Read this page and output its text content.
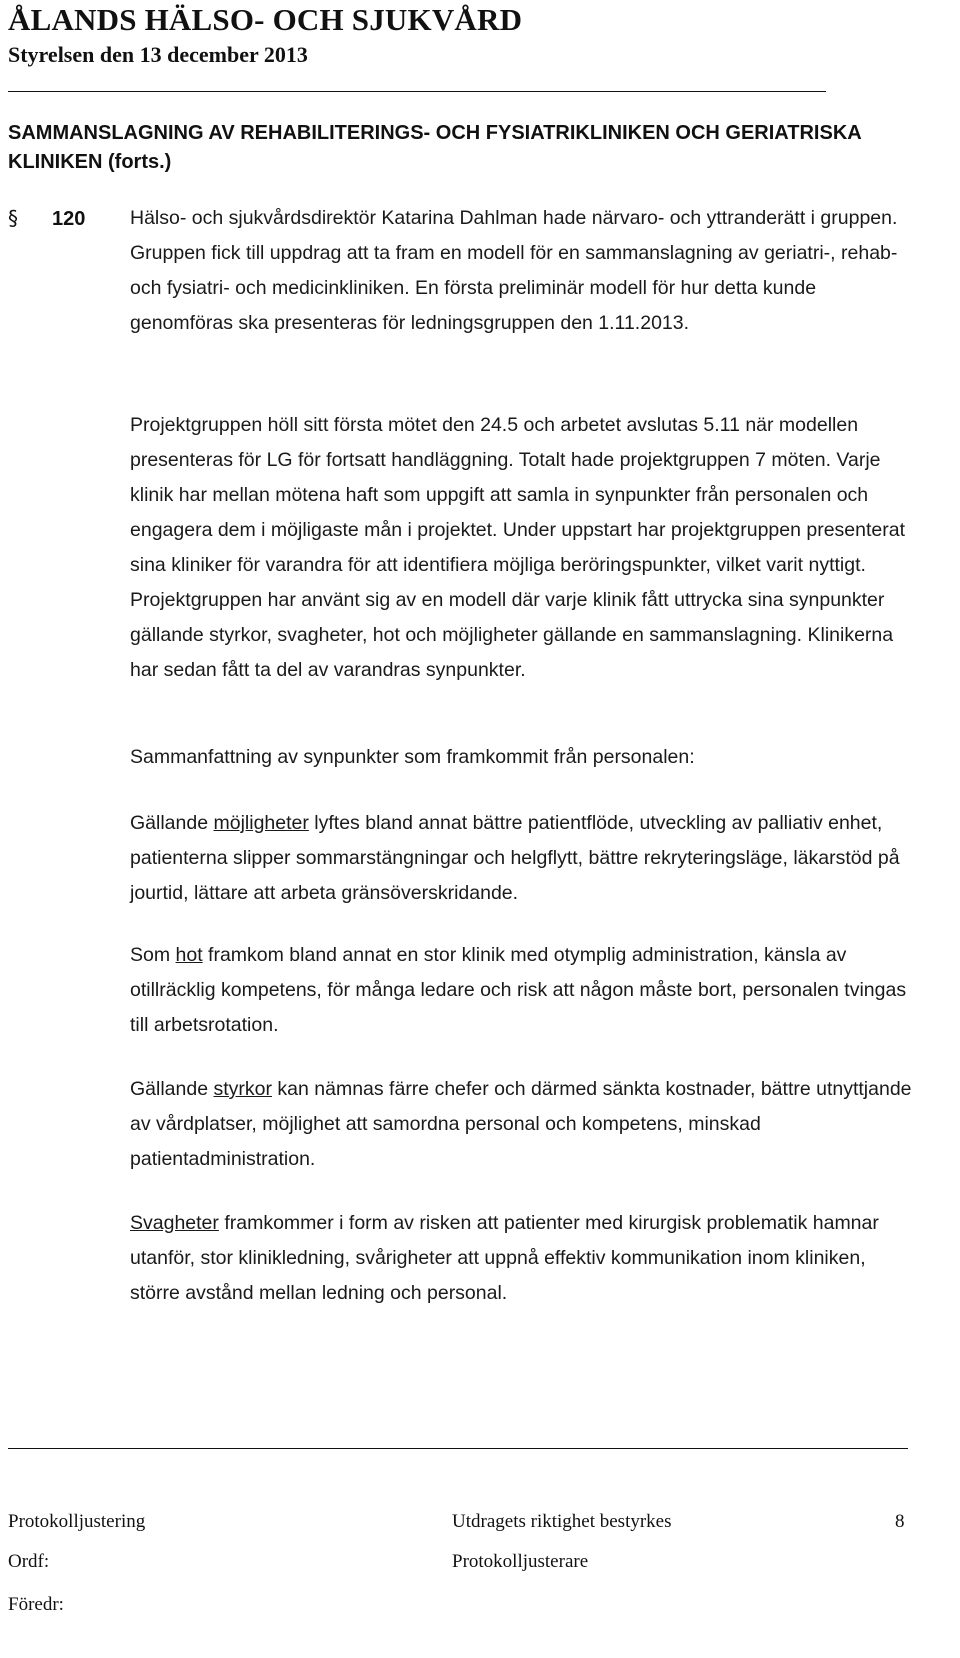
ÅLANDS HÄLSO- OCH SJUKVÅRD
Styrelsen den 13 december 2013
SAMMANSLAGNING AV REHABILITERINGS- OCH FYSIATRIKLINIKEN OCH GERIATRISKA KLINIKEN (forts.)
§ 120 Hälso- och sjukvårdsdirektör Katarina Dahlman hade närvaro- och yttranderätt i gruppen. Gruppen fick till uppdrag att ta fram en modell för en sammanslagning av geriatri-, rehab- och fysiatri- och medicinkliniken. En första preliminär modell för hur detta kunde genomföras ska presenteras för ledningsgruppen den 1.11.2013.
Projektgruppen höll sitt första mötet den 24.5 och arbetet avslutas 5.11 när modellen presenteras för LG för fortsatt handläggning. Totalt hade projektgruppen 7 möten. Varje klinik har mellan mötena haft som uppgift att samla in synpunkter från personalen och engagera dem i möjligaste mån i projektet. Under uppstart har projektgruppen presenterat sina kliniker för varandra för att identifiera möjliga beröringspunkter, vilket varit nyttigt. Projektgruppen har använt sig av en modell där varje klinik fått uttrycka sina synpunkter gällande styrkor, svagheter, hot och möjligheter gällande en sammanslagning. Klinikerna har sedan fått ta del av varandras synpunkter.
Sammanfattning av synpunkter som framkommit från personalen:
Gällande möjligheter lyftes bland annat bättre patientflöde, utveckling av palliativ enhet, patienterna slipper sommarstängningar och helgflytt, bättre rekryteringsläge, läkarstöd på jourtid, lättare att arbeta gränsöverskridande.
Som hot framkom bland annat en stor klinik med otymplig administration, känsla av otillräcklig kompetens, för många ledare och risk att någon måste bort, personalen tvingas till arbetsrotation.
Gällande styrkor kan nämnas färre chefer och därmed sänkta kostnader, bättre utnyttjande av vårdplatser, möjlighet att samordna personal och kompetens, minskad patientadministration.
Svagheter framkommer i form av risken att patienter med kirurgisk problematik hamnar utanför, stor klinikledning, svårigheter att uppnå effektiv kommunikation inom kliniken, större avstånd mellan ledning och personal.
Protokolljustering	Utdragets riktighet bestyrkes	8
Ordf:	Protokolljusterare
Föredr:
